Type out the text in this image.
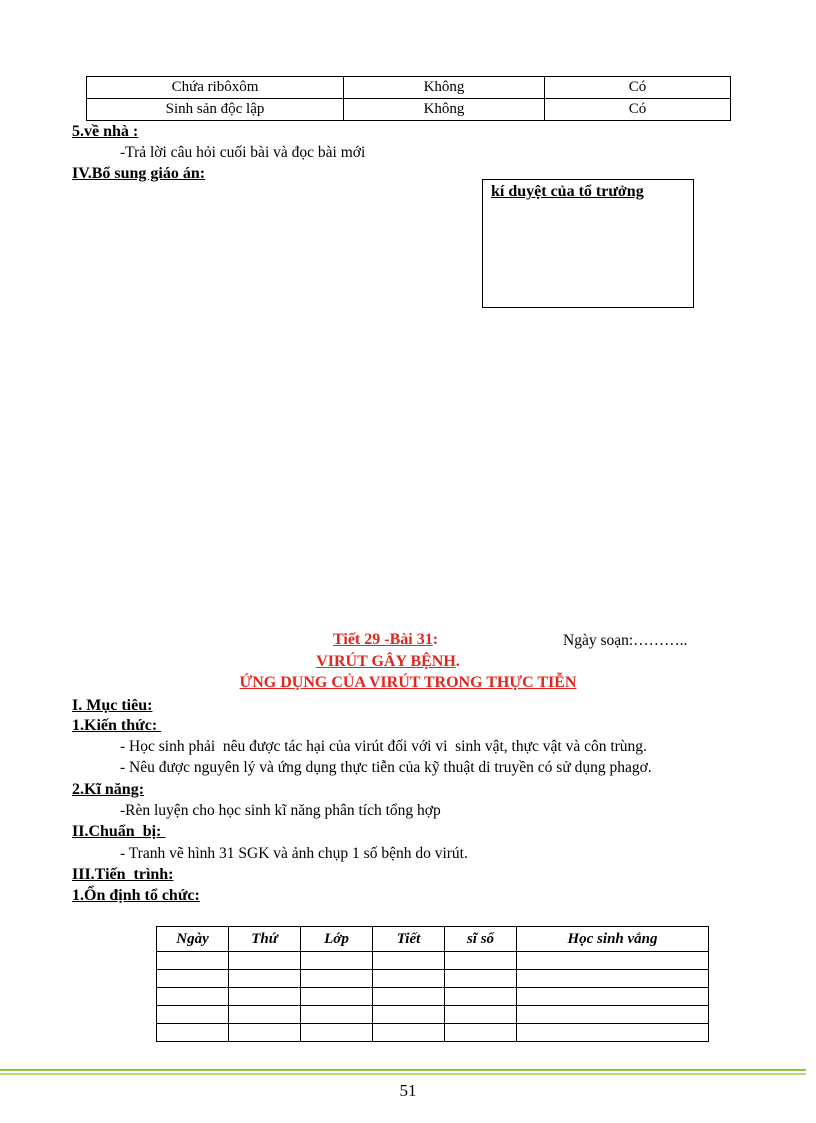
Chứa ribôxôm	Không	Có
Sinh sản độc lập	Không	Có
5.về nhà :
-Trả lời câu hỏi cuối bài và đọc bài mới
IV.Bổ sung giáo án:
kí duyệt của tổ trưởng
Tiết 29 -Bài 31:	Ngày soạn:………..
VIRÚT GÂY BỆNH.
ỨNG DỤNG CỦA VIRÚT TRONG THỰC TIỄN
I. Mục tiêu:
1.Kiến thức:
- Học sinh phải  nêu được tác hại của virút đối với vi  sinh vật, thực vật và côn trùng.
- Nêu được nguyên lý và ứng dụng thực tiễn của kỹ thuật di truyền có sử dụng phagơ.
2.Kĩ năng:
-Rèn luyện cho học sinh kĩ năng phân tích tổng hợp
II.Chuẩn  bị:
- Tranh vẽ hình 31 SGK và ảnh chụp 1 số bệnh do virút.
III.Tiến  trình:
1.Ổn định tổ chức:
Ngày	Thứ	Lớp	Tiết	sĩ số	Học sinh vắng

51
